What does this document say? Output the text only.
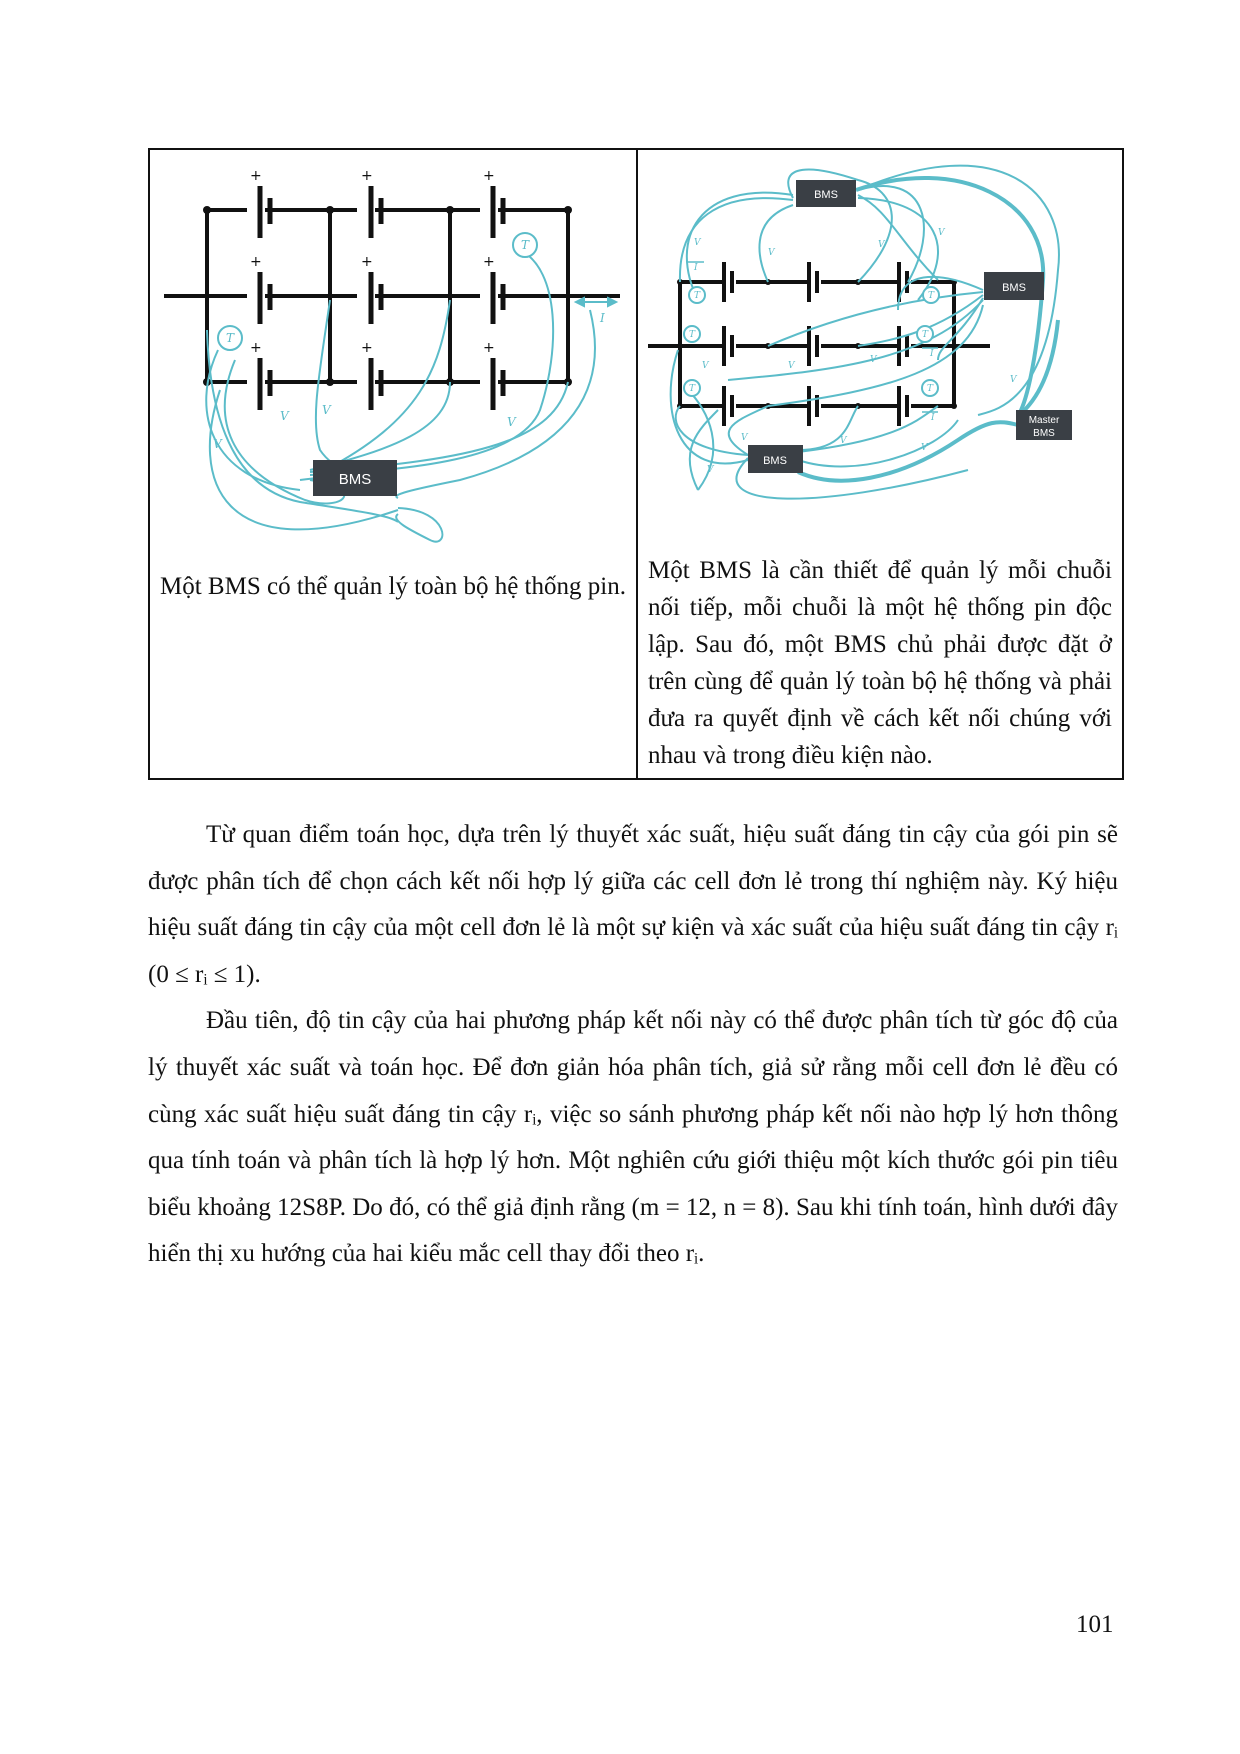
+	+	+
+	+	+
+	+	+
T
T
V
V	V
V
I
BMS
Một BMS có thể quản lý toàn bộ hệ thống pin.

T
T
T
T
T
T
V
V
V
V
V	V
V
V
V
V	V
V
I
I
I
BMS
BMS
BMS
Master
BMS
Một BMS là cần thiết để quản lý mỗi chuỗi nối tiếp, mỗi chuỗi là một hệ thống pin độc lập. Sau đó, một BMS chủ phải được đặt ở trên cùng để quản lý toàn bộ hệ thống và phải đưa ra quyết định về cách kết nối chúng với nhau và trong điều kiện nào.

Từ quan điểm toán học, dựa trên lý thuyết xác suất, hiệu suất đáng tin cậy của gói pin sẽ được phân tích để chọn cách kết nối hợp lý giữa các cell đơn lẻ trong thí nghiệm này. Ký hiệu hiệu suất đáng tin cậy của một cell đơn lẻ là một sự kiện và xác suất của hiệu suất đáng tin cậy rᵢ (0 ≤ rᵢ ≤ 1).

Đầu tiên, độ tin cậy của hai phương pháp kết nối này có thể được phân tích từ góc độ của lý thuyết xác suất và toán học. Để đơn giản hóa phân tích, giả sử rằng mỗi cell đơn lẻ đều có cùng xác suất hiệu suất đáng tin cậy rᵢ, việc so sánh phương pháp kết nối nào hợp lý hơn thông qua tính toán và phân tích là hợp lý hơn. Một nghiên cứu giới thiệu một kích thước gói pin tiêu biểu khoảng 12S8P. Do đó, có thể giả định rằng (m = 12, n = 8). Sau khi tính toán, hình dưới đây hiển thị xu hướng của hai kiểu mắc cell thay đổi theo rᵢ.

101
